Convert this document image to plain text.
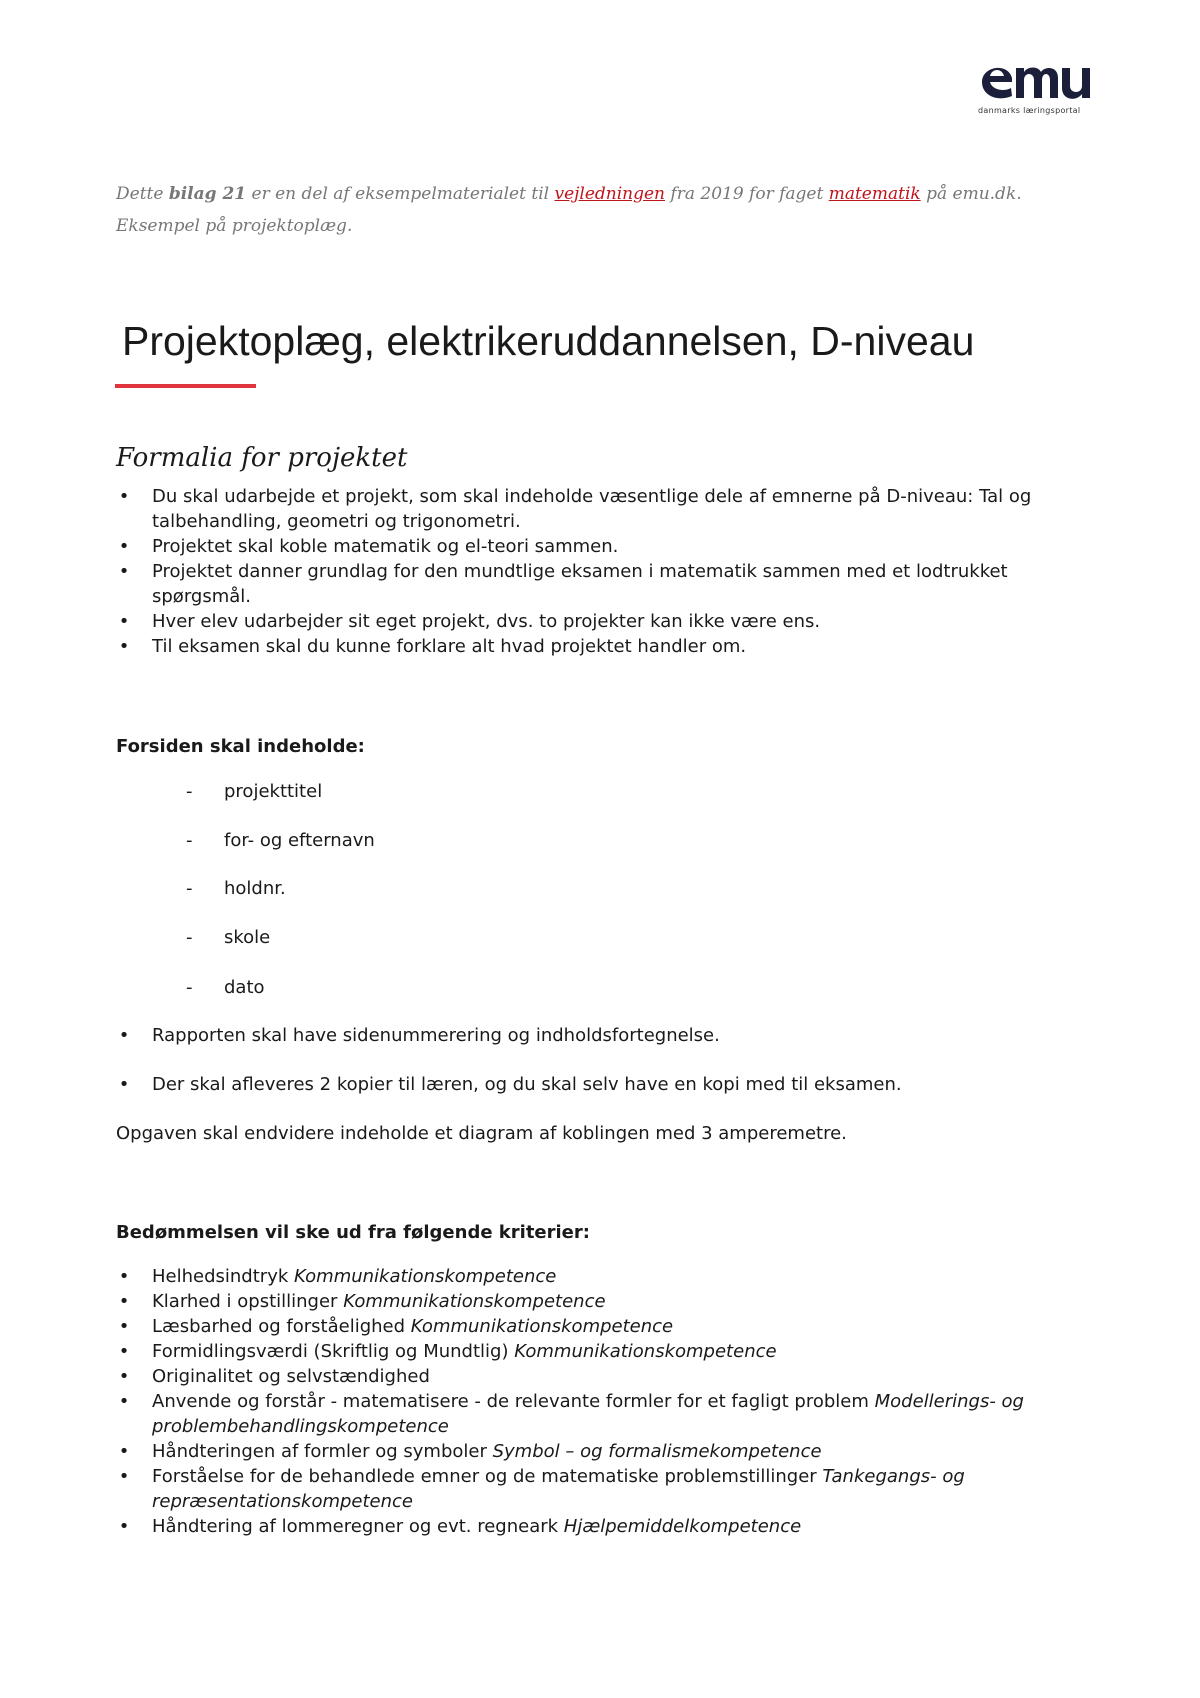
danmarks læringsportal
Dette bilag 21 er en del af eksempelmaterialet til vejledningen fra 2019 for faget matematik på emu.dk.
Eksempel på projektoplæg.
Projektoplæg, elektrikeruddannelsen, D-niveau
Formalia for projektet
• Du skal udarbejde et projekt, som skal indeholde væsentlige dele af emnerne på D-niveau: Tal og talbehandling, geometri og trigonometri.
• Projektet skal koble matematik og el-teori sammen.
• Projektet danner grundlag for den mundtlige eksamen i matematik sammen med et lodtrukket spørgsmål.
• Hver elev udarbejder sit eget projekt, dvs. to projekter kan ikke være ens.
• Til eksamen skal du kunne forklare alt hvad projektet handler om.
Forsiden skal indeholde:
- projekttitel
- for- og efternavn
- holdnr.
- skole
- dato
• Rapporten skal have sidenummerering og indholdsfortegnelse.
• Der skal afleveres 2 kopier til læren, og du skal selv have en kopi med til eksamen.
Opgaven skal endvidere indeholde et diagram af koblingen med 3 amperemetre.
Bedømmelsen vil ske ud fra følgende kriterier:
• Helhedsindtryk Kommunikationskompetence
• Klarhed i opstillinger Kommunikationskompetence
• Læsbarhed og forståelighed Kommunikationskompetence
• Formidlingsværdi (Skriftlig og Mundtlig) Kommunikationskompetence
• Originalitet og selvstændighed
• Anvende og forstår - matematisere - de relevante formler for et fagligt problem Modellerings- og problembehandlingskompetence
• Håndteringen af formler og symboler Symbol – og formalismekompetence
• Forståelse for de behandlede emner og de matematiske problemstillinger Tankegangs- og repræsentationskompetence
• Håndtering af lommeregner og evt. regneark Hjælpemiddelkompetence
